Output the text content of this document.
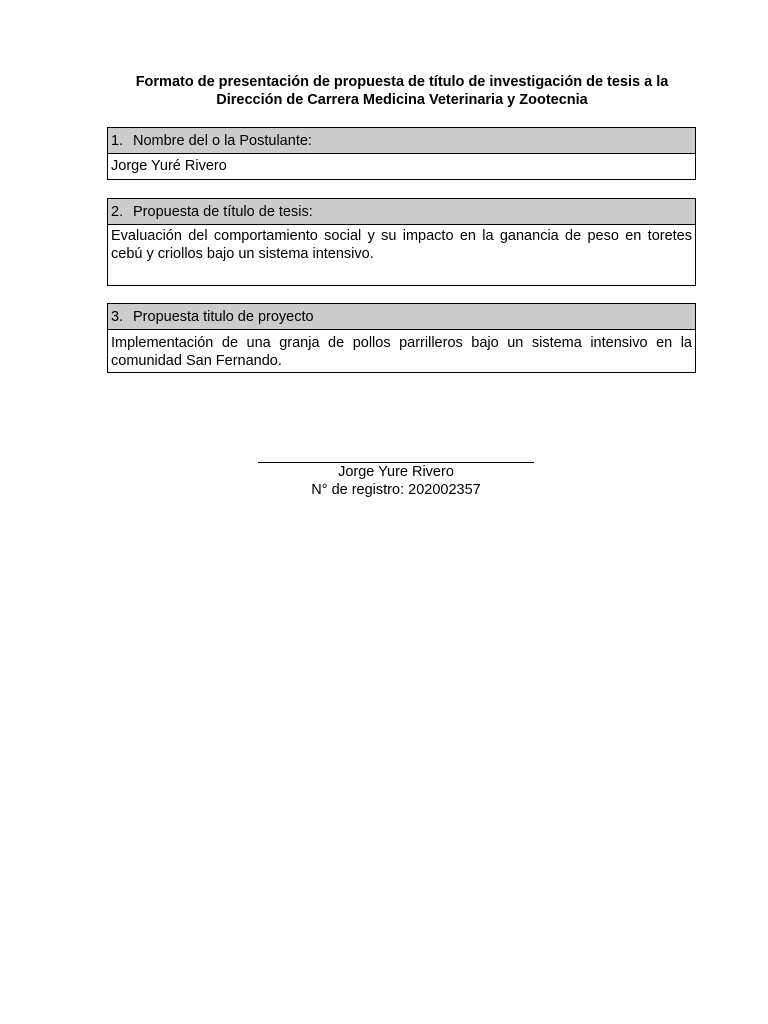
Formato de presentación de propuesta de título de investigación de tesis a la
Dirección de Carrera Medicina Veterinaria y Zootecnia
1. Nombre del o la Postulante:
Jorge Yuré Rivero
2. Propuesta de título de tesis:
Evaluación del comportamiento social y su impacto en la ganancia de peso en toretes cebú y criollos bajo un sistema intensivo.
3. Propuesta titulo de proyecto
Implementación de una granja de pollos parrilleros bajo un sistema intensivo en la comunidad San Fernando.
Jorge Yure Rivero
N° de registro: 202002357
